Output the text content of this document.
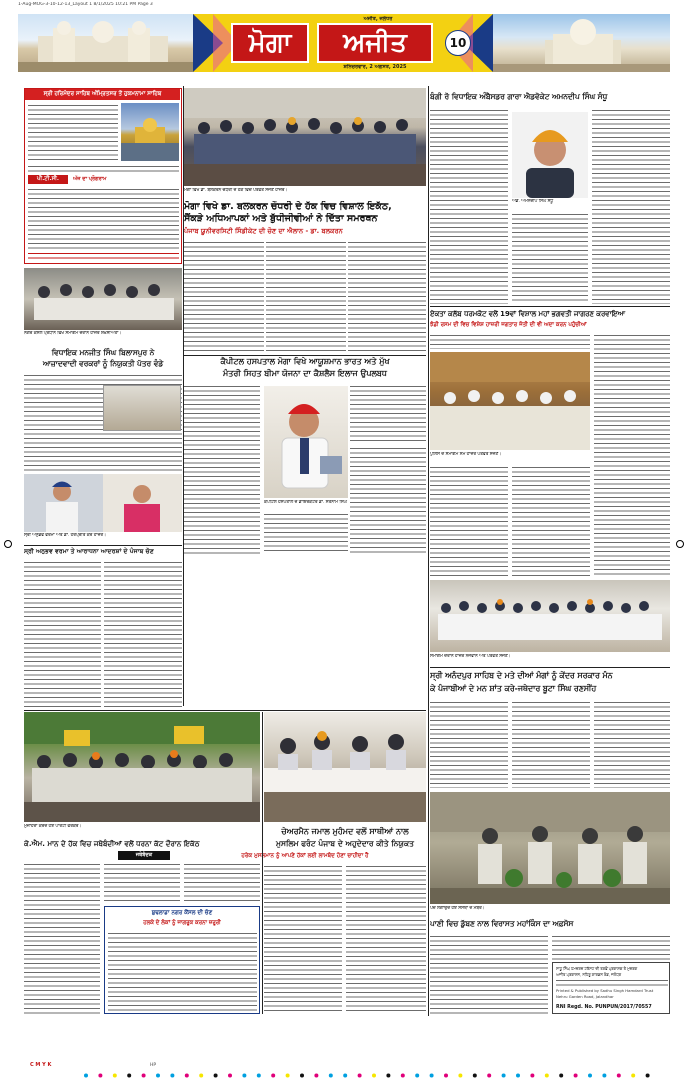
1-Aug-MOG-3-10-12-13_Layout 1 8/1/2025 10:21 PM Page 3
ਮੋਗਾ
ਅਜੀਤ, ਜਲੰਧਰ
ਅਜੀਤ
ਸ਼ਨਿਚਰਵਾਰ, 2 ਅਗਸਤ, 2025
10
ਸ੍ਰੀ ਹਰਿਮੰਦਰ ਸਾਹਿਬ ਅੰਮ੍ਰਿਤਸਰ ਤੋਂ ਹੁਕਮਨਾਮਾ ਸਾਹਿਬ
ਪੀ.ਟੀ.ਸੀ.	ਅੱਜ ਦਾ ਪ੍ਰੋਗਰਾਮ
ਮੋਗਾ ਵਿਖੇ ਡਾ. ਬਲਕਰਨ ਚੌਧਰੀ ਦੇ ਹੱਕ ਵਿਚ ਪਤਵੰਤੇ ਸੱਜਣ ਹਾਜ਼ਰ।
ਮੋਗਾ ਵਿਖੇ ਡਾ. ਬਲਕਰਨ ਚੌਧਰੀ ਦੇ ਹੱਕ ਵਿਚ ਵਿਸ਼ਾਲ ਇਕੱਠ,
ਸੈਂਕੜੇ ਅਧਿਆਪਕਾਂ ਅਤੇ ਬੁੱਧੀਜੀਵੀਆਂ ਨੇ ਦਿੱਤਾ ਸਮਰਥਨ
ਪੰਜਾਬ ਯੂਨੀਵਰਸਿਟੀ ਸਿੰਡੀਕੇਟ ਦੀ ਚੋਣ ਦਾ ਐਲਾਨ - ਡਾ. ਬਲਕਰਨ
ਨਗਰ ਕੌਂਸਲ ਪ੍ਰਧਾਨ ਵਿਖੇ ਸਮਾਗਮ ਦੌਰਾਨ ਹਾਜ਼ਰ ਸ਼ਖ਼ਸੀਅਤਾਂ।
ਵਿਧਾਇਕ ਮਨਜੀਤ ਸਿੰਘ ਬਿਲਾਸਪੁਰ ਨੇ
ਆਜ਼ਾਦਵਾਦੀ ਵਰਕਰਾਂ ਨੂੰ ਨਿਯੁਕਤੀ ਪੱਤਰ ਵੰਡੇ	ਕੈਪੀਟਲ ਹਸਪਤਾਲ ਮੋਗਾ ਵਿਖੇ ਆਯੂਸ਼ਮਾਨ ਭਾਰਤ ਅਤੇ ਮੁੱਖ
ਮੰਤਰੀ ਸਿਹਤ ਬੀਮਾ ਯੋਜਨਾ ਦਾ ਕੈਸ਼ਲੈਸ ਇਲਾਜ ਉਪਲਬਧ
ਕੈਪੀਟਲ ਹਸਪਤਾਲ ਦੇ ਡਾਇਰੈਕਟਰ ਡਾ. ਸਤਨਾਮ ਸਿੰਘ
ਸ੍ਰੀ ਅਨੁਭਵ ਵਰਮਾ ਅਤੇ ਡਾ. ਹਰਪ੍ਰੀਤ ਕੌਰ ਹਾਜ਼ਰ।
ਸ੍ਰੀ ਅਨੁਭਵ ਵਰਮਾ ਤੇ ਆਰਾਧਨਾ ਆਦਰਸ਼ਾਂ ਦੇ ਪੰਜਾਬ ਚੋਣ
ਬੰਗੀ ਰੋ ਵਿਧਾਇਕ ਅੰਬੈਸਡਰ ਗਾਰਾ ਐਡਵੋਕੇਟ ਅਮਨਦੀਪ ਸਿੰਘ ਸੰਧੂ
ਐਡ. ਅਮਨਦੀਪ ਸਿੰਘ ਸੰਧੂ
ਏਕਤਾ ਕਲੱਬ ਧਰਮਕੋਟ ਵਲੋਂ 19ਵਾਂ ਵਿਸ਼ਾਲ ਮਹਾਂ ਭਗਵਤੀ ਜਾਗਰਣ ਕਰਵਾਇਆ
ਝੰਡੀ ਰਸਮ ਦੀ ਵਿਚ ਵਿਸ਼ੇਸ਼ ਹਾਜ਼ਰੀ ਜਗਤਾਰ ਜੋਤੀ ਦੀ ਵੀ ਅਦਾ ਕਰਨ ਪਹੁੰਚੀਆਂ
ਪੁਲਿਸ ਦੇ ਸਮਾਗਮ ਸਮੇਂ ਹਾਜ਼ਰ ਪਤਵੰਤੇ ਸੱਜਣ।
ਸਮਾਗਮ ਦੌਰਾਨ ਹਾਜ਼ਰ ਨੌਜਵਾਨ ਅਤੇ ਪਤਵੰਤੇ ਸੱਜਣ।
ਸ੍ਰੀ ਅਨੰਦਪੁਰ ਸਾਹਿਬ ਦੇ ਮਤੇ ਦੀਆਂ ਮੰਗਾਂ ਨੂੰ ਕੇਂਦਰ ਸਰਕਾਰ ਮੰਨ
ਕੇ ਪੰਜਾਬੀਆਂ ਦੇ ਮਨ ਸ਼ਾਂਤ ਕਰੇ-ਜਥੇਦਾਰ ਬੂਟਾ ਸਿੰਘ ਰਣਸੀਂਹ
ਪੌਦੇ ਲਗਾਉਂਦੇ ਹੋਏ ਸੰਸਥਾ ਦੇ ਮੈਂਬਰ।
ਪਾਣੀ ਵਿਚ ਡੁੱਬਣ ਨਾਲ ਵਿਰਾਸਤ ਮਹਾਂਕਿੰਸ ਦਾ ਅਫ਼ਸੋਸ
ਸਾਧੂ ਸਿੰਘ ਹਮਦਰਦ ਟਰੱਸਟ ਦੀ ਤਰਫ਼ੋਂ ਪ੍ਰਕਾਸ਼ਕ ਤੇ ਮੁਦਰਕ
ਅਜੀਤ ਪ੍ਰਕਾਸ਼ਨ, ਨਹਿਰੂ ਗਾਰਡਨ ਰੋਡ, ਜਲੰਧਰ
Printed & Published by Sadhu Singh Hamdard Trust
Nehru Garden Road, Jalandhar
RNI Regd. No. PUNPUN/2017/70557
ਮੁਜ਼ਾਹਰਾ ਕਰਦੇ ਹੋਏ ਪਾਰਟੀ ਵਰਕਰ।
ਕੇ.ਐਮ. ਮਾਨ ਦੇ ਹੱਕ ਵਿਚ ਜਥੇਬੰਦੀਆਂ ਵਲੋਂ ਧਰਨਾ ਕੱਟ ਦੌਰਾਨ ਇਕੱਠ
ਜਥੇਬੰਦਕ
ਬੁਢਲਾਡਾ ਨਗਰ ਕੌਂਸਲ ਦੀ ਚੋਣ
ਹਲਕੇ ਦੇ ਲੋਕਾਂ ਨੂੰ ਜਾਗਰੂਕ ਕਰਨਾ ਜ਼ਰੂਰੀ
ਚੇਅਰਮੈਨ ਜਮਾਲ ਮੁਹੰਮਦ ਵਲੋਂ ਸਾਥੀਆਂ ਨਾਲ
ਮੁਸਲਿਮ ਫਰੰਟ ਪੰਜਾਬ ਦੇ ਅਹੁਦੇਦਾਰ ਕੀਤੇ ਨਿਯੁਕਤ
ਹਰੇਕ ਮੁਸਲਮਾਨ ਨੂੰ ਆਪਣੇ ਹੱਕਾਂ ਲਈ ਲਾਮਬੰਦ ਹੋਣਾ ਚਾਹੀਦਾ ਹੈ
C M Y K	HP
